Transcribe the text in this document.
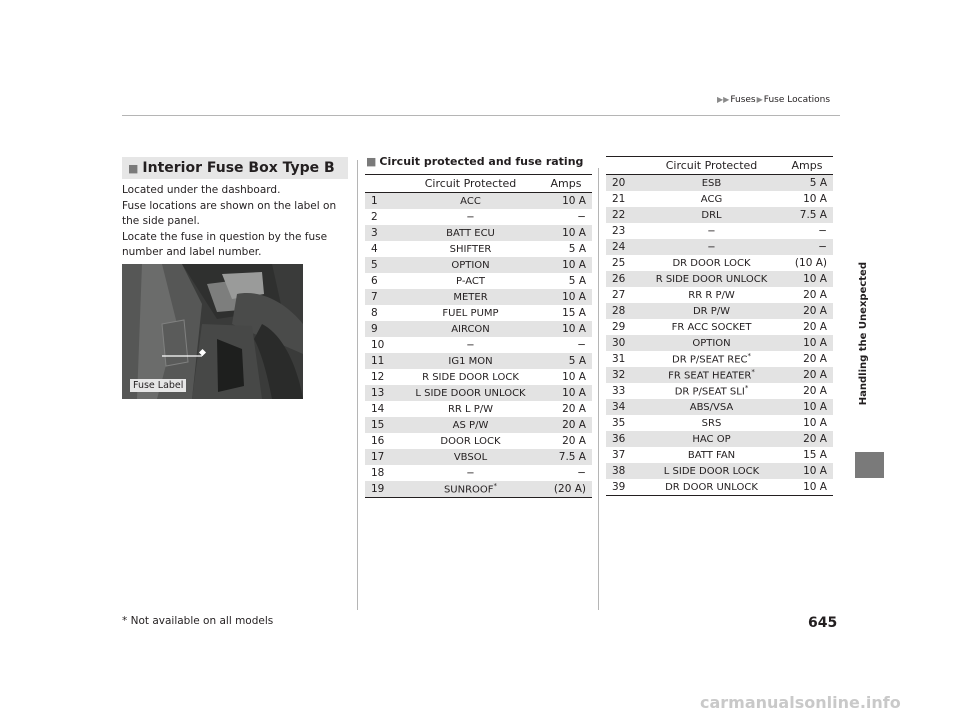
▶▶Fuses▶Fuse Locations
Handling the Unexpected
■ Interior Fuse Box Type B

Located under the dashboard.

Fuse locations are shown on the label on the side panel.

Locate the fuse in question by the fuse number and label number.

Fuse Label
■ Circuit protected and fuse rating
	Circuit Protected	Amps
1	ACC	10 A
2	−	−
3	BATT ECU	10 A
4	SHIFTER	5 A
5	OPTION	10 A
6	P-ACT	5 A
7	METER	10 A
8	FUEL PUMP	15 A
9	AIRCON	10 A
10	−	−
11	IG1 MON	5 A
12	R SIDE DOOR LOCK	10 A
13	L SIDE DOOR UNLOCK	10 A
14	RR L P/W	20 A
15	AS P/W	20 A
16	DOOR LOCK	20 A
17	VBSOL	7.5 A
18	−	−
19	SUNROOF*	(20 A)
	Circuit Protected	Amps
20	ESB	5 A
21	ACG	10 A
22	DRL	7.5 A
23	−	−
24	−	−
25	DR DOOR LOCK	(10 A)
26	R SIDE DOOR UNLOCK	10 A
27	RR R P/W	20 A
28	DR P/W	20 A
29	FR ACC SOCKET	20 A
30	OPTION	10 A
31	DR P/SEAT REC*	20 A
32	FR SEAT HEATER*	20 A
33	DR P/SEAT SLI*	20 A
34	ABS/VSA	10 A
35	SRS	10 A
36	HAC OP	20 A
37	BATT FAN	15 A
38	L SIDE DOOR LOCK	10 A
39	DR DOOR UNLOCK	10 A
* Not available on all models	645
carmanualsonline.info
